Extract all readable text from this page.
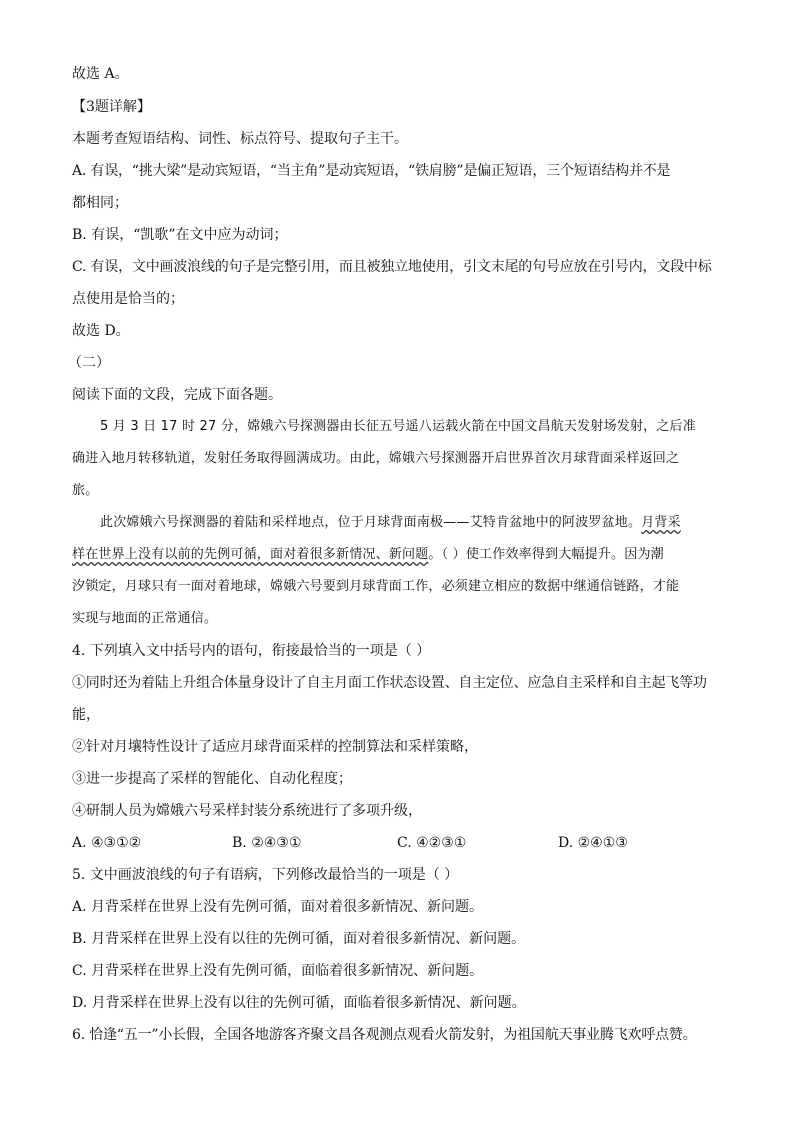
故选 A。
【3题详解】
本题考查短语结构、词性、标点符号、提取句子主干。
A. 有误，“挑大梁”是动宾短语，“当主角”是动宾短语，“铁肩膀”是偏正短语，三个短语结构并不是
都相同；
B. 有误，“凯歌”在文中应为动词；
C. 有误，文中画波浪线的句子是完整引用，而且被独立地使用，引文末尾的句号应放在引号内，文段中标
点使用是恰当的；
故选 D。
（二）
阅读下面的文段，完成下面各题。
5 月 3 日 17 时 27 分，嫦娥六号探测器由长征五号遥八运载火箭在中国文昌航天发射场发射，之后准
确进入地月转移轨道，发射任务取得圆满成功。由此，嫦娥六号探测器开启世界首次月球背面采样返回之
旅。
此次嫦娥六号探测器的着陆和采样地点，位于月球背面南极——艾特肯盆地中的阿波罗盆地。月背采
样在世界上没有以前的先例可循，面对着很多新情况、新问题。（ ）使工作效率得到大幅提升。因为潮
汐锁定，月球只有一面对着地球，嫦娥六号要到月球背面工作，必须建立相应的数据中继通信链路，才能
实现与地面的正常通信。
4. 下列填入文中括号内的语句，衔接最恰当的一项是（ ）
①同时还为着陆上升组合体量身设计了自主月面工作状态设置、自主定位、应急自主采样和自主起飞等功
能，
②针对月壤特性设计了适应月球背面采样的控制算法和采样策略，
③进一步提高了采样的智能化、自动化程度；
④研制人员为嫦娥六号采样封装分系统进行了多项升级，
A. ④③①②	B. ②④③①	C. ④②③①	D. ②④①③
5. 文中画波浪线的句子有语病，下列修改最恰当的一项是（ ）
A. 月背采样在世界上没有先例可循，面对着很多新情况、新问题。
B. 月背采样在世界上没有以往的先例可循，面对着很多新情况、新问题。
C. 月背采样在世界上没有先例可循，面临着很多新情况、新问题。
D. 月背采样在世界上没有以往的先例可循，面临着很多新情况、新问题。
6. 恰逢“五一”小长假，全国各地游客齐聚文昌各观测点观看火箭发射，为祖国航天事业腾飞欢呼点赞。
